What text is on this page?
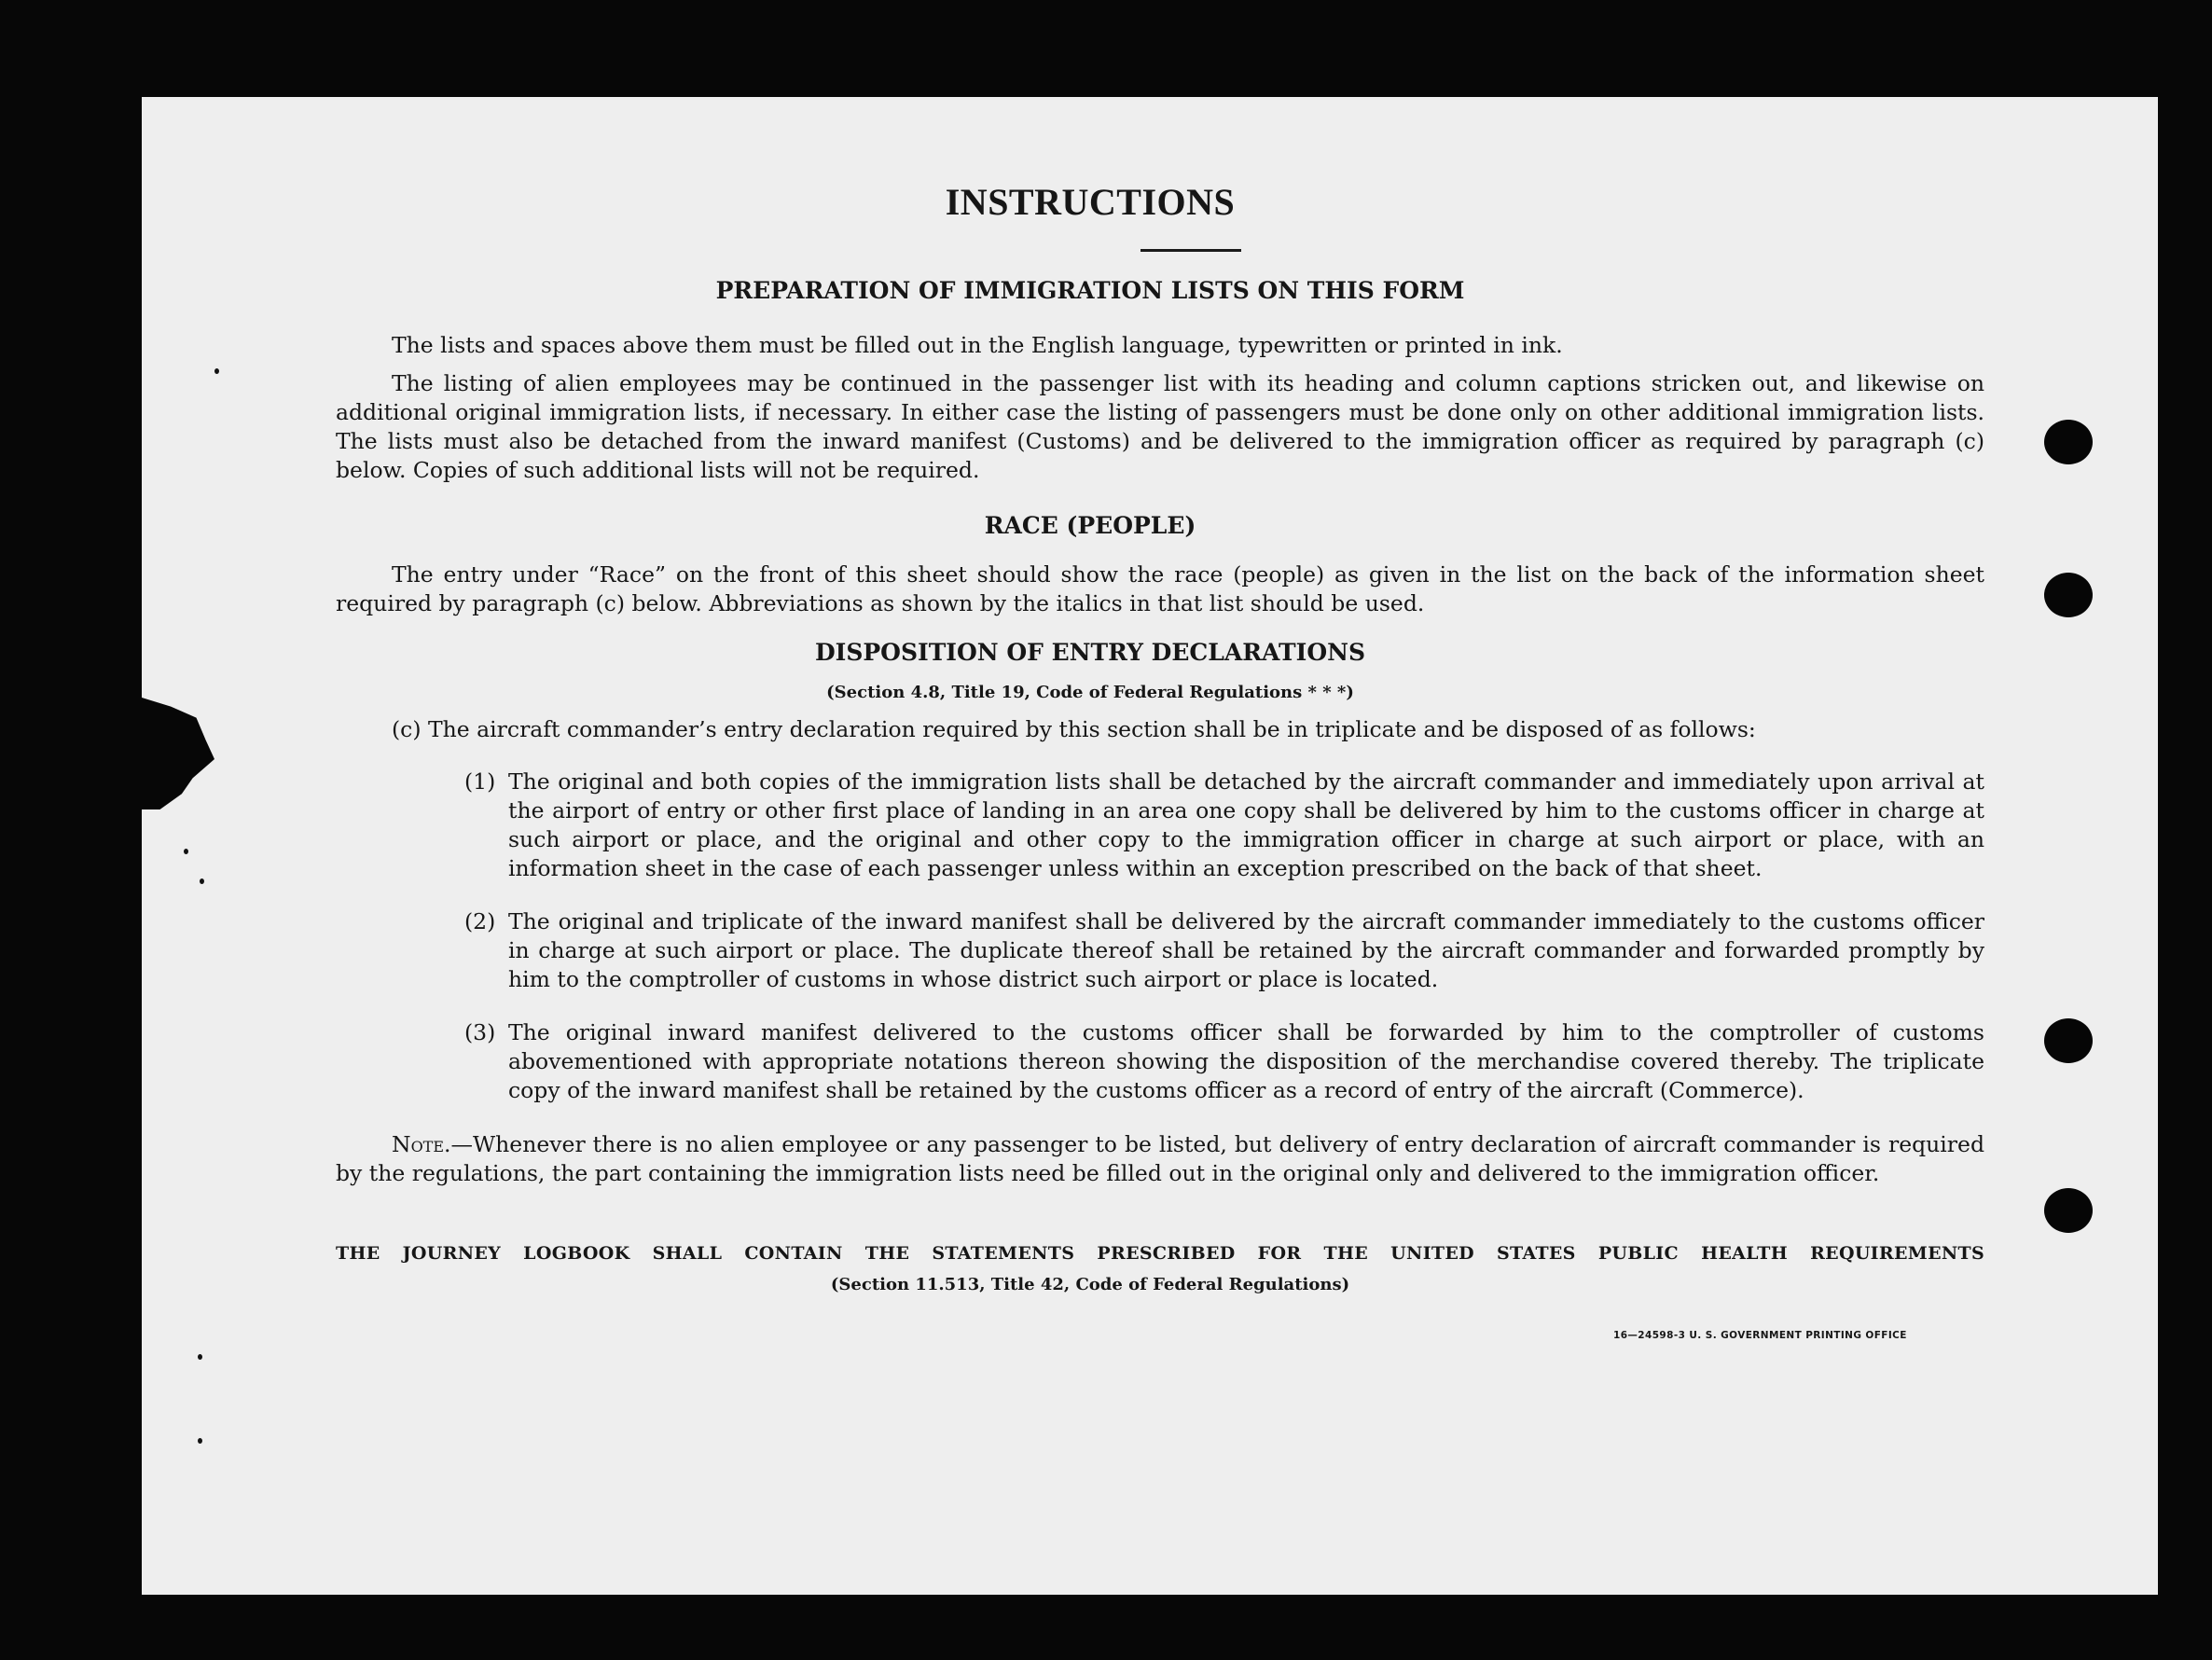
INSTRUCTIONS
PREPARATION OF IMMIGRATION LISTS ON THIS FORM
The lists and spaces above them must be filled out in the English language, typewritten or printed in ink.
The listing of alien employees may be continued in the passenger list with its heading and column captions stricken out, and likewise on additional original immigration lists, if necessary. In either case the listing of passengers must be done only on other additional immigration lists. The lists must also be detached from the inward manifest (Customs) and be delivered to the immigration officer as required by paragraph (c) below. Copies of such additional lists will not be required.
RACE (PEOPLE)
The entry under “Race” on the front of this sheet should show the race (people) as given in the list on the back of the information sheet required by paragraph (c) below. Abbreviations as shown by the italics in that list should be used.
DISPOSITION OF ENTRY DECLARATIONS
(Section 4.8, Title 19, Code of Federal Regulations * * *)
(c) The aircraft commander’s entry declaration required by this section shall be in triplicate and be disposed of as follows:
(1) The original and both copies of the immigration lists shall be detached by the aircraft commander and immediately upon arrival at the airport of entry or other first place of landing in an area one copy shall be delivered by him to the customs officer in charge at such airport or place, and the original and other copy to the immigration officer in charge at such airport or place, with an information sheet in the case of each passenger unless within an exception prescribed on the back of that sheet.
(2) The original and triplicate of the inward manifest shall be delivered by the aircraft commander immediately to the customs officer in charge at such airport or place. The duplicate thereof shall be retained by the aircraft commander and forwarded promptly by him to the comptroller of customs in whose district such airport or place is located.
(3) The original inward manifest delivered to the customs officer shall be forwarded by him to the comptroller of customs abovementioned with appropriate notations thereon showing the disposition of the merchandise covered thereby. The triplicate copy of the inward manifest shall be retained by the customs officer as a record of entry of the aircraft (Commerce).
Note.—Whenever there is no alien employee or any passenger to be listed, but delivery of entry declaration of aircraft commander is required by the regulations, the part containing the immigration lists need be filled out in the original only and delivered to the immigration officer.
THE JOURNEY LOGBOOK SHALL CONTAIN THE STATEMENTS PRESCRIBED FOR THE UNITED STATES PUBLIC HEALTH REQUIREMENTS
(Section 11.513, Title 42, Code of Federal Regulations)
16—24598-3 U. S. GOVERNMENT PRINTING OFFICE
